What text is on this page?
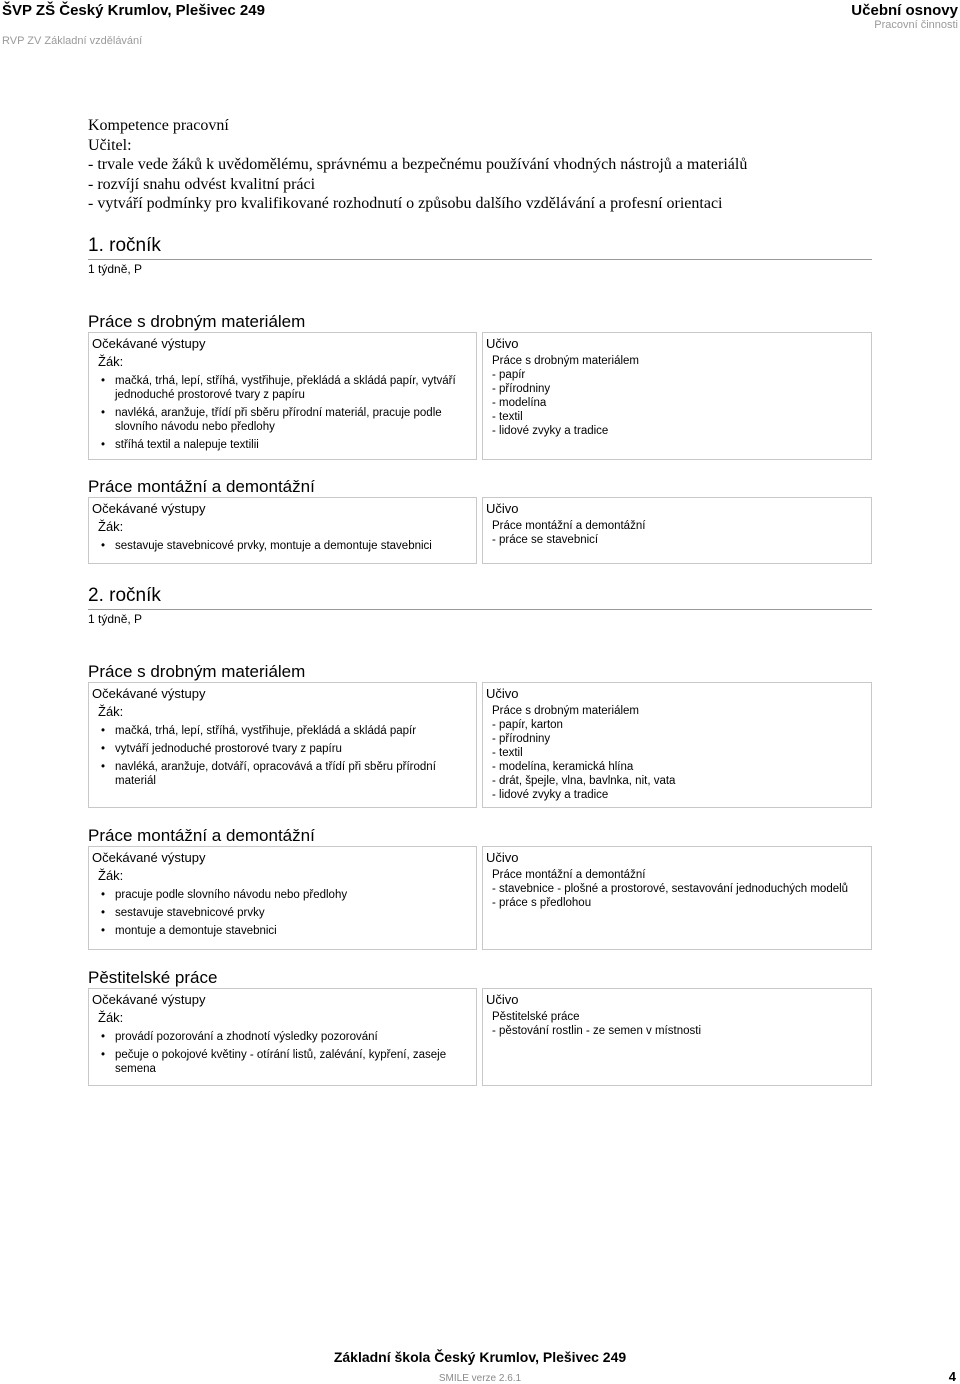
ŠVP ZŠ Český Krumlov, Plešivec 249
RVP ZV Základní vzdělávání
Učební osnovy
Pracovní činnosti
Kompetence pracovní
Učitel:
- trvale vede žáků k uvědomělému, správnému a bezpečnému používání vhodných nástrojů a materiálů
- rozvíjí snahu odvést kvalitní práci
- vytváří podmínky pro kvalifikované rozhodnutí o způsobu dalšího vzdělávání a profesní orientaci
1. ročník
1 týdně, P
Práce s drobným materiálem
Očekávané výstupy
Žák:
• mačká, trhá, lepí, stříhá, vystřihuje, překládá a skládá papír, vytváří jednoduché prostorové tvary z papíru
• navléká, aranžuje, třídí při sběru přírodní materiál, pracuje podle slovního návodu nebo předlohy
• stříhá textil a nalepuje textilii
Učivo
Práce s drobným materiálem
- papír
- přírodniny
- modelína
- textil
- lidové zvyky a tradice
Práce montážní a demontážní
Očekávané výstupy
Žák:
• sestavuje stavebnicové prvky, montuje a demontuje stavebnici
Učivo
Práce montážní a demontážní
- práce se stavebnicí
2. ročník
1 týdně, P
Práce s drobným materiálem
Očekávané výstupy
Žák:
• mačká, trhá, lepí, stříhá, vystřihuje, překládá a skládá papír
• vytváří jednoduché prostorové tvary z papíru
• navléká, aranžuje, dotváří, opracovává a třídí při sběru přírodní materiál
Učivo
Práce s drobným materiálem
- papír, karton
- přírodniny
- textil
- modelína, keramická hlína
- drát, špejle, vlna, bavlnka, nit, vata
- lidové zvyky a tradice
Práce montážní a demontážní
Očekávané výstupy
Žák:
• pracuje podle slovního návodu nebo předlohy
• sestavuje stavebnicové prvky
• montuje a demontuje stavebnici
Učivo
Práce montážní a demontážní
- stavebnice - plošné a prostorové, sestavování jednoduchých modelů
- práce s předlohou
Pěstitelské práce
Očekávané výstupy
Žák:
• provádí pozorování a zhodnotí výsledky pozorování
• pečuje o pokojové květiny - otírání listů, zalévání, kypření, zaseje semena
Učivo
Pěstitelské práce
- pěstování rostlin - ze semen v místnosti
Základní škola Český Krumlov, Plešivec 249
SMILE verze 2.6.1	4
